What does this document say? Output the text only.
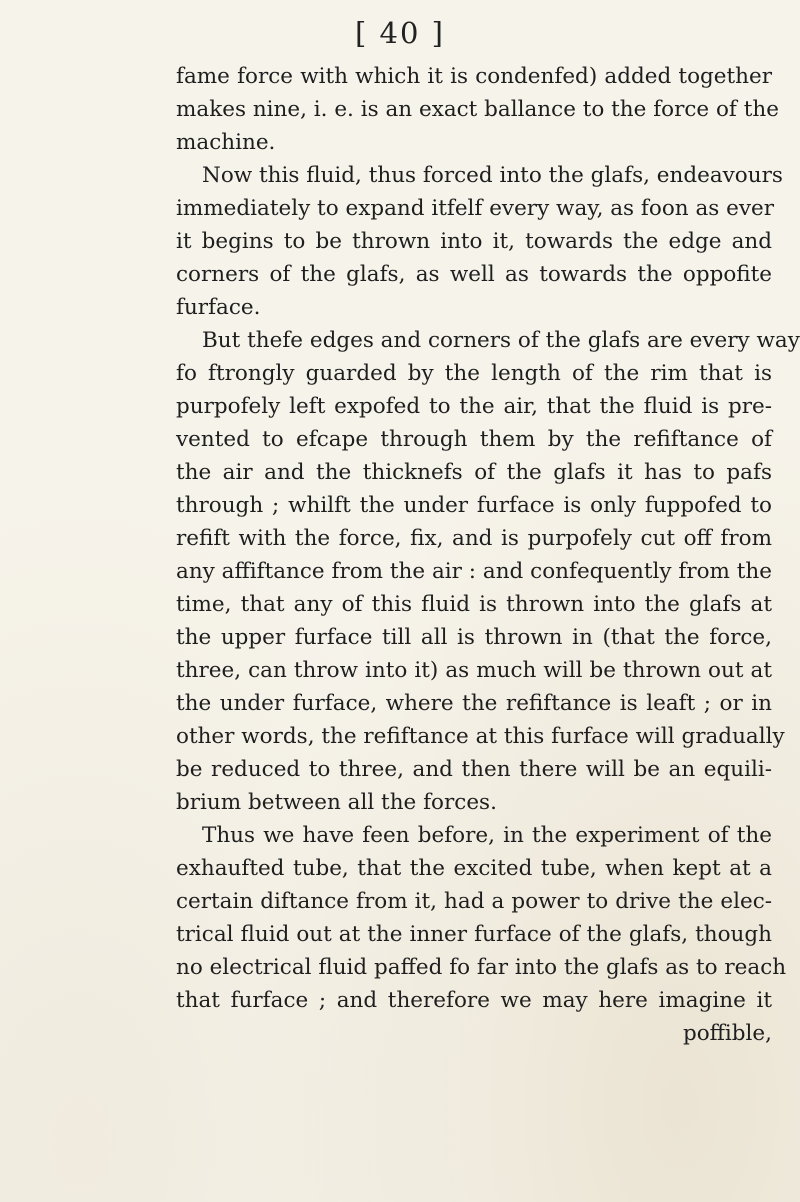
[ 40 ]
fame force with which it is condenfed) added together
makes nine, i. e. is an exact ballance to the force of the
machine.
Now this fluid, thus forced into the glafs, endeavours
immediately to expand itfelf every way, as foon as ever
it begins to be thrown into it, towards the edge and
corners of the glafs, as well as towards the oppofite
furface.
But thefe edges and corners of the glafs are every way
fo ftrongly guarded by the length of the rim that is
purpofely left expofed to the air, that the fluid is pre-
vented to efcape through them by the refiftance of
the air and the thicknefs of the glafs it has to pafs
through ; whilft the under furface is only fuppofed to
refift with the force, fix, and is purpofely cut off from
any affiftance from the air : and confequently from the
time, that any of this fluid is thrown into the glafs at
the upper furface till all is thrown in (that the force,
three, can throw into it) as much will be thrown out at
the under furface, where the refiftance is leaft ; or in
other words, the refiftance at this furface will gradually
be reduced to three, and then there will be an equili-
brium between all the forces.
Thus we have feen before, in the experiment of the
exhaufted tube, that the excited tube, when kept at a
certain diftance from it, had a power to drive the elec-
trical fluid out at the inner furface of the glafs, though
no electrical fluid paffed fo far into the glafs as to reach
that furface ; and therefore we may here imagine it
poffible,
